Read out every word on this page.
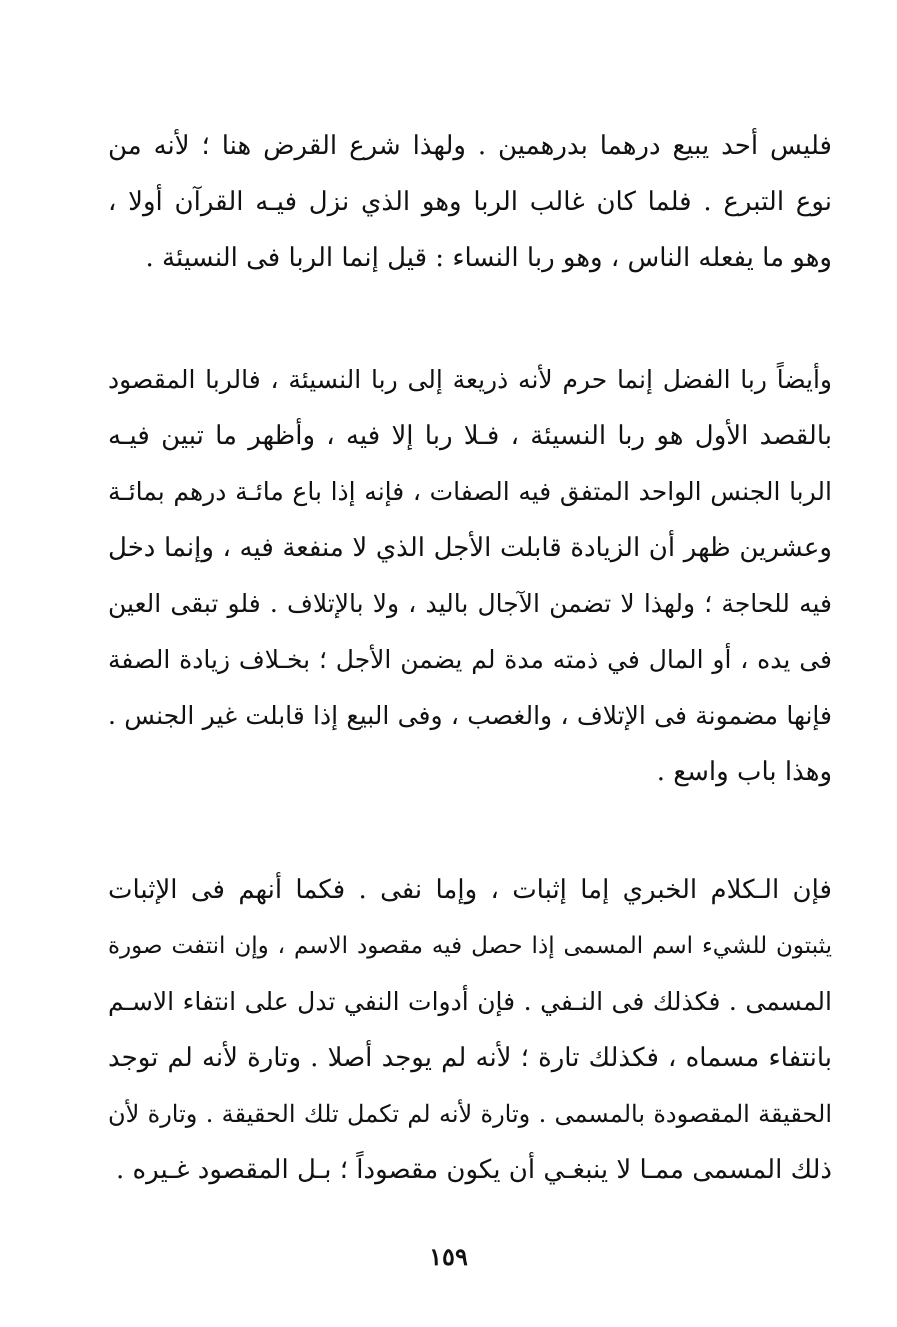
فليس أحد يبيع درهما بدرهمين . ولهذا شرع القرض هنا ؛ لأنه من
نوع التبرع . فلما كان غالب الربا وهو الذي نزل فيـه القرآن أولا ،
وهو ما يفعله الناس ، وهو ربا النساء : قيل إنما الربا فى النسيئة .
وأيضاً ربا الفضل إنما حرم لأنه ذريعة إلى ربا النسيئة ، فالربا المقصود
بالقصد الأول هو ربا النسيئة ، فـلا ربا إلا فيه ، وأظهر ما تبين فيـه
الربا الجنس الواحد المتفق فيه الصفات ، فإنه إذا باع مائـة درهم بمائـة
وعشرين ظهر أن الزيادة قابلت الأجل الذي لا منفعة فيه ، وإنما دخل
فيه للحاجة ؛ ولهذا لا تضمن الآجال باليد ، ولا بالإتلاف . فلو تبقى العين
فى يده ، أو المال في ذمته مدة لم يضمن الأجل ؛ بخـلاف زيادة الصفة
فإنها مضمونة فى الإتلاف ، والغصب ، وفى البيع إذا قابلت غير الجنس .
وهذا باب واسع .
فإن الـكلام الخبري إما إثبات ، وإما نفى . فكما أنهم فى الإثبات
يثبتون للشيء اسم المسمى إذا حصل فيه مقصود الاسم ، وإن انتفت صورة
المسمى . فكذلك فى النـفي . فإن أدوات النفي تدل على انتفاء الاسـم
بانتفاء مسماه ، فكذلك تارة ؛ لأنه لم يوجد أصلا . وتارة لأنه لم توجد
الحقيقة المقصودة بالمسمى . وتارة لأنه لم تكمل تلك الحقيقة . وتارة لأن
ذلك المسمى ممـا لا ينبغـي أن يكون مقصوداً ؛ بـل المقصود غـيره .
١٥٩
